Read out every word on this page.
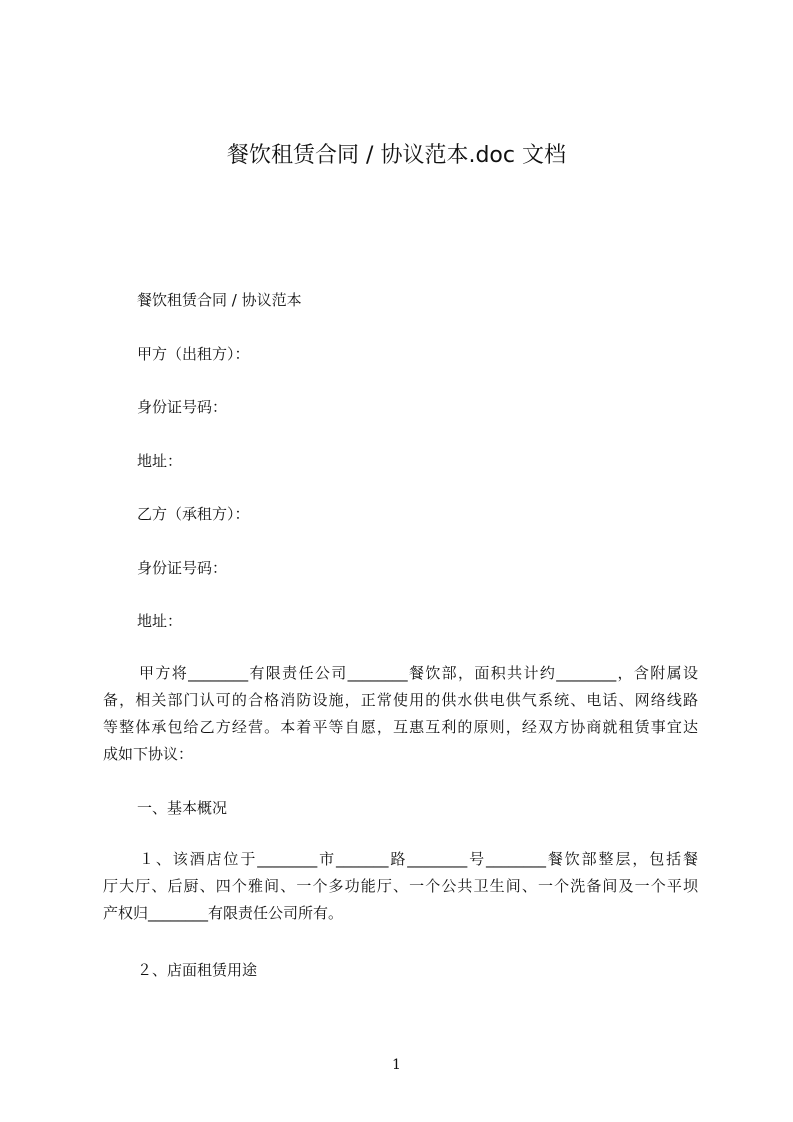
餐饮租赁合同 / 协议范本.doc 文档
餐饮租赁合同 / 协议范本
甲方（出租方）：
身份证号码：
地址：
乙方（承租方）：
身份证号码：
地址：
甲方将________有限责任公司________餐饮部，面积共计约________，含附属设
备，相关部门认可的合格消防设施，正常使用的供水供电供气系统、电话、网络线路
等整体承包给乙方经营。本着平等自愿，互惠互利的原则，经双方协商就租赁事宜达
成如下协议：
一、基本概况
１、该酒店位于________市_______路________号________餐饮部整层，包括餐
厅大厅、后厨、四个雅间、一个多功能厅、一个公共卫生间、一个洗备间及一个平坝
产权归________有限责任公司所有。
２、店面租赁用途
1
